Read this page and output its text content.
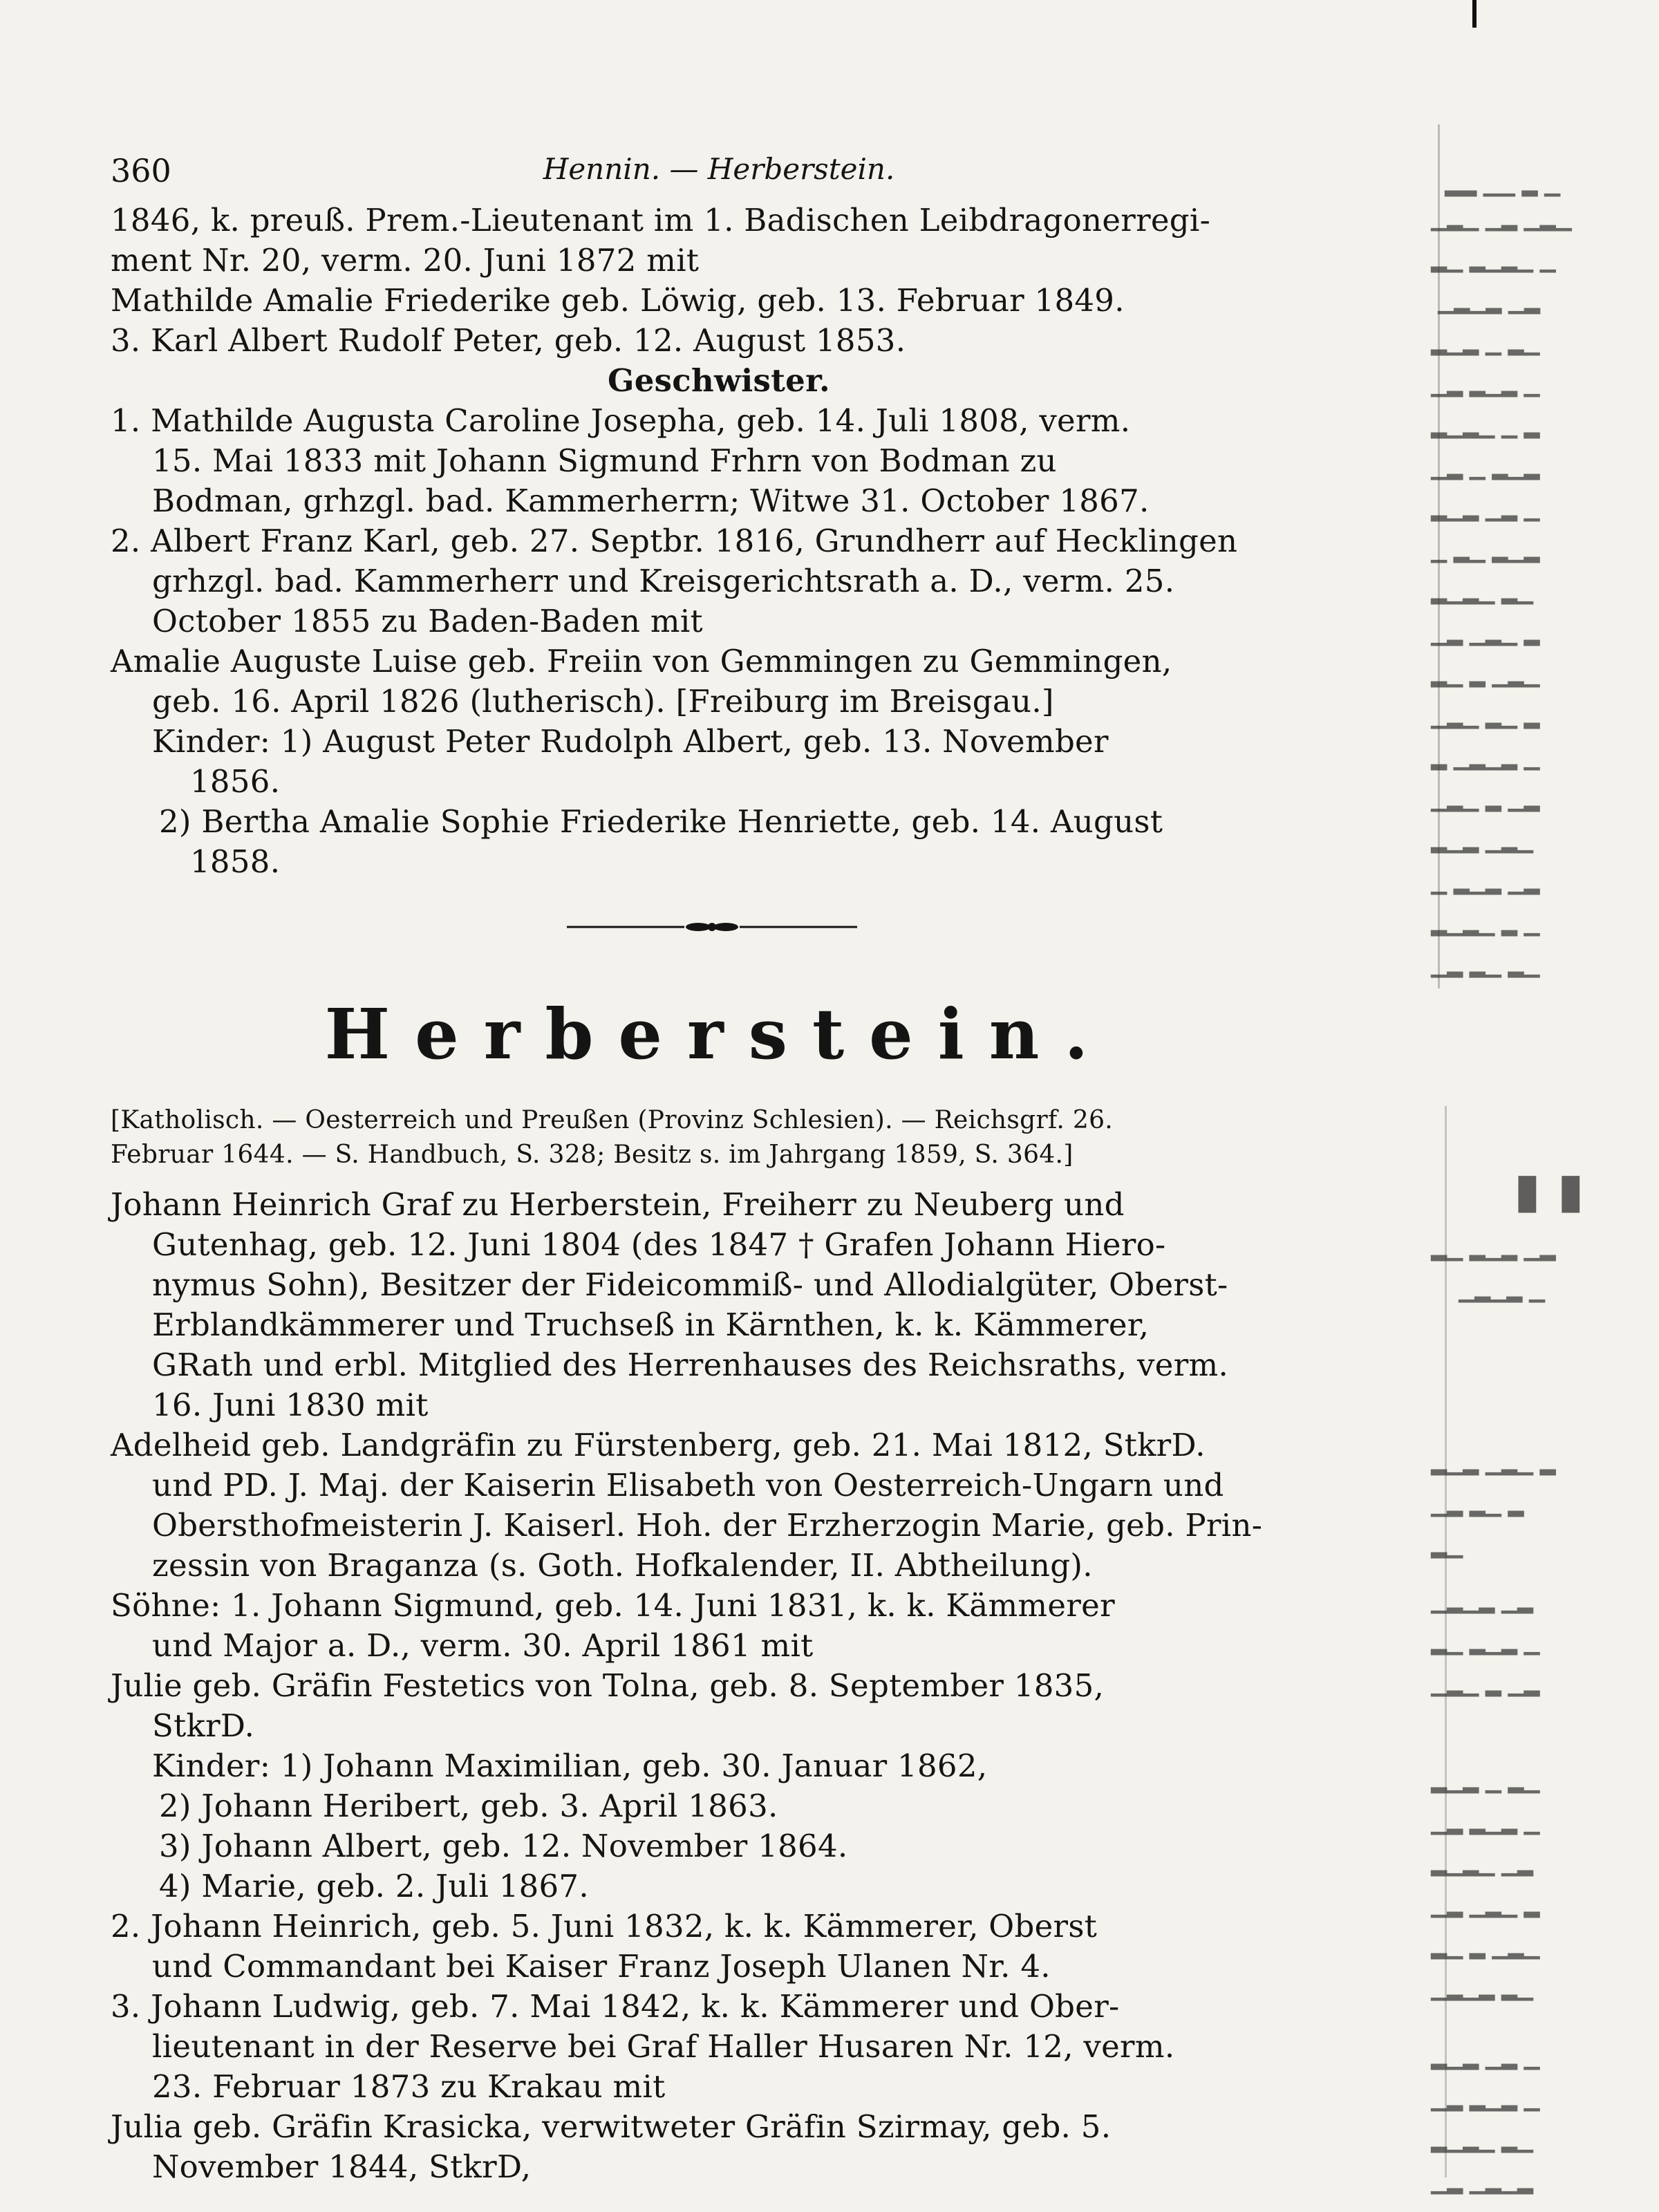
360	Hennin. — Herberstein.
1846, k. preuß. Prem.-Lieutenant im 1. Badischen Leibdragonerregi-
ment Nr. 20, verm. 20. Juni 1872 mit
Mathilde Amalie Friederike geb. Löwig, geb. 13. Februar 1849.
3. Karl Albert Rudolf Peter, geb. 12. August 1853.
Geschwister.
1. Mathilde Augusta Caroline Josepha, geb. 14. Juli 1808, verm.
15. Mai 1833 mit Johann Sigmund Frhrn von Bodman zu
Bodman, grhzgl. bad. Kammerherrn; Witwe 31. October 1867.
2. Albert Franz Karl, geb. 27. Septbr. 1816, Grundherr auf Hecklingen
grhzgl. bad. Kammerherr und Kreisgerichtsrath a. D., verm. 25.
October 1855 zu Baden-Baden mit
Amalie Auguste Luise geb. Freiin von Gemmingen zu Gemmingen,
geb. 16. April 1826 (lutherisch). [Freiburg im Breisgau.]
Kinder: 1) August Peter Rudolph Albert, geb. 13. November
1856.
2) Bertha Amalie Sophie Friederike Henriette, geb. 14. August
1858.
Herberstein.
[Katholisch. — Oesterreich und Preußen (Provinz Schlesien). — Reichsgrf. 26.
Februar 1644. — S. Handbuch, S. 328; Besitz s. im Jahrgang 1859, S. 364.]
Johann Heinrich Graf zu Herberstein, Freiherr zu Neuberg und
Gutenhag, geb. 12. Juni 1804 (des 1847 † Grafen Johann Hiero-
nymus Sohn), Besitzer der Fideicommiß- und Allodialgüter, Oberst-
Erblandkämmerer und Truchseß in Kärnthen, k. k. Kämmerer,
GRath und erbl. Mitglied des Herrenhauses des Reichsraths, verm.
16. Juni 1830 mit
Adelheid geb. Landgräfin zu Fürstenberg, geb. 21. Mai 1812, StkrD.
und PD. J. Maj. der Kaiserin Elisabeth von Oesterreich-Ungarn und
Obersthofmeisterin J. Kaiserl. Hoh. der Erzherzogin Marie, geb. Prin-
zessin von Braganza (s. Goth. Hofkalender, II. Abtheilung).
Söhne: 1. Johann Sigmund, geb. 14. Juni 1831, k. k. Kämmerer
und Major a. D., verm. 30. April 1861 mit
Julie geb. Gräfin Festetics von Tolna, geb. 8. September 1835,
StkrD.
Kinder: 1) Johann Maximilian, geb. 30. Januar 1862,
2) Johann Heribert, geb. 3. April 1863.
3) Johann Albert, geb. 12. November 1864.
4) Marie, geb. 2. Juli 1867.
2. Johann Heinrich, geb. 5. Juni 1832, k. k. Kämmerer, Oberst
und Commandant bei Kaiser Franz Joseph Ulanen Nr. 4.
3. Johann Ludwig, geb. 7. Mai 1842, k. k. Kämmerer und Ober-
lieutenant in der Reserve bei Graf Haller Husaren Nr. 12, verm.
23. Februar 1873 zu Krakau mit
Julia geb. Gräfin Krasicka, verwitweter Gräfin Szirmay, geb. 5.
November 1844, StkrD,
▂▂ ▁▁ ▂ ▁
▁▂▁ ▁▂ ▁▂▁
▂▁ ▂▁▂▁ ▁
▁▂▁▂ ▁▂
▂▁▂ ▁ ▂▁
▁▂ ▂▁▂ ▁
▂▁▂▁ ▁ ▂
▁▂ ▁ ▂▁▂
▂▁▂ ▁▂ ▁
▁ ▂▁ ▂▁▂
▂▁▂▁ ▂▁
▁▂ ▁▂▁ ▂
▂▁ ▂ ▁▂▁
▁▂▁ ▂▁ ▂
▂ ▁▂▁▂ ▁
▁▂▁ ▂ ▁▂
▂▁▂ ▁▂▁
▁ ▂▁▂ ▁▂
▂▁▂▁ ▂ ▁
▁▂ ▂▁ ▂▁
▮ ▮
▂▁ ▂▁▂ ▁▂
▁▂▁▂ ▁
▂▁▂ ▁▂▁ ▂
▁▂ ▂▁ ▂
▂▁
▁▂▁▂ ▁▂
▂▁ ▂▁▂ ▁
▁▂▁ ▂ ▁▂
▂▁▂ ▁ ▂▁
▁▂ ▂▁▂ ▁
▂▁▂▁ ▁▂
▁▂ ▁▂▁ ▂
▂▁ ▂ ▁▂▁
▁▂▁▂ ▂▁
▂▁▂ ▁▂ ▁
▁▂ ▂▁▂ ▁
▂▁▂▁ ▂▁
▁▂ ▁▂▁▂
